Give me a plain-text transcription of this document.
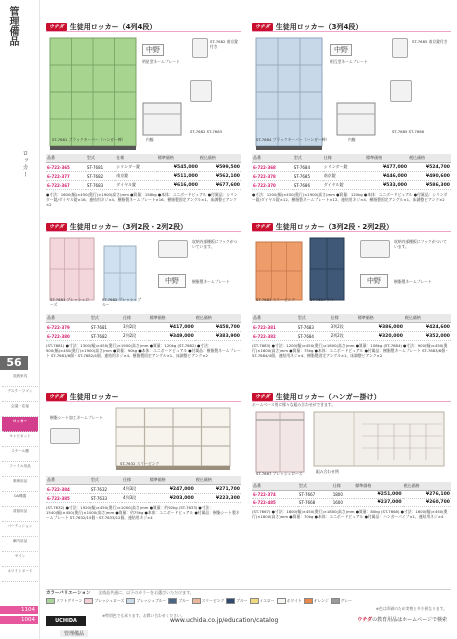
管理備品
ロッカー
56
収納家具
デスク・ワゴン
会議・応接
ロッカー
キャビネット
スチール棚
ファイル用品
事務用品
OA機器
清掃用品
パーティション
庫内用品
サイン
ホワイトボード
1104
1004
ウチダ 生徒用ロッカー（4列4段）
中野
明星型ネームプレート
ST-7682 南京錠付き
ST-7681 ブラックキーパー（ハンガー棒）	内観
ST-7682 ST-7683
品番	型式	仕様	標準価格	税込価格
6-722-365	ST-7681	シリンダー錠	¥545,000	¥599,500
6-722-377	ST-7682	南京錠	¥511,000	¥562,100
6-722-367	ST-7683	ダイヤル錠	¥616,000	¥677,600
●寸法：1600(幅)×450(奥行)×1900(高さ)mm ●質量：158kg ●本体：ユニボードピュアル ●付属品：シリンダー錠/ダイヤル錠×16、連結用ネジ×4、樹脂製ネームプレート×16、樹脂製固定アングル×1、床調整ピアンク×2
ウチダ 生徒用ロッカー（3列4段）
中野
相互型ネームプレート
ST-7685 南京錠付き
ST-7684 ブラックキーパー（ハンガー棒）	内観
ST-7685 ST-7686
品番	型式	仕様	標準価格	税込価格
6-722-368	ST-7684	シリンダー錠	¥477,000	¥524,700
6-722-378	ST-7685	南京錠	¥446,000	¥490,600
6-722-370	ST-7686	ダイヤル錠	¥533,000	¥586,300
●寸法：1200(幅)×450(奥行)×1900(高さ)mm ●質量：120kg ●本体：ユニボードピュアル ●付属品：シリンダー錠/ダイヤル錠×12、樹脂製ネームプレート×12、連結用ネジ×4、樹脂製固定アングル×1、床調整ピアンク×2
ウチダ 生徒用ロッカー（3列2段・2列2段）
収納内部棚板にフックがついています。
中野	樹脂製ネームプレート
ST-7681 ブレッシュローズ
ST-7682 ブレッシュブルー
品番	型式	仕様	標準価格	税込価格
6-722-379	ST-7681	3列2段	¥417,000	¥458,700
6-722-380	ST-7682	2列2段	¥349,000	¥383,900
(ST-7681) ●寸法：1300(幅)×450(奥行)×1900(高さ)mm ●質量：120kg (ST-7682) ●寸法：900(幅)×450(奥行)×1900(高さ)mm ●質量：90kg ●本体：ユニボードピュアル ●付属品：樹脂製ネームプレート ST-7681/6個・ST-7682/4個、連結用ネジ×4、樹脂製固定アングル×1、床調整ピアンク×2
ウチダ 生徒用ロッカー（3列2段・2列2段）
収納内部棚板にフックがついています。
中野	樹脂製ネームプレート
ST-7683 スリーピンク	ST-7684 ブルー
品番	型式	仕様	標準価格	税込価格
6-722-381	ST-7683	3列2段	¥386,000	¥424,600
6-722-382	ST-7684	2列2段	¥320,000	¥352,000
(ST-7683) ●寸法：1200(幅)×450(奥行)×1600(高さ)mm ●質量：108kg (ST-7684) ●寸法：900(幅)×450(奥行)×1600(高さ)mm ●質量：75kg ●本体：ユニボードピュアル ●付属品：樹脂製ネームプレート ST-7683/6個・ST-7684/4個、連結用ネジ×4、樹脂製固定アングル×1、床調整ピアンク×2
ウチダ 生徒用ロッカー
樹脂シート加工ネームプレート
ST-7632 スリーピンク
品番	型式	仕様	標準価格	税込価格
6-722-384	ST-7632	4列3段	¥247,000	¥271,700
6-722-385	ST-7633	4列3段	¥203,000	¥223,300
(ST-7632) ●寸法：1920(幅)×450(奥行)×1000(高さ)mm ●質量：約92kg (ST-7633) ●寸法：1540(幅)×450(奥行)×1000(高さ)mm ●質量：約75kg ●本体：ユニボードピュアル ●付属品：樹脂シート製ネームプレート ST-7632/15個・ST-7633/12個、連結用ネジ×4
ウチダ 生徒用ロッカー（ハンガー掛け）
ホームベース用に様々な組み合わせができます。
ST-7667 ブレッシュローズ	組み合わせ例
品番	型式	仕様	標準価格	税込価格
6-722-374	ST-7667	1800	¥251,000	¥276,100
6-722-485	ST-7668	1600	¥237,000	¥260,700
(ST-7667) ●寸法：1800(幅)×450(奥行)×1800(高さ)mm ●質量：80kg (ST-7668) ●寸法：1600(幅)×450(奥行)×1800(高さ)mm ●質量：70kg ●本体：ユニボードピュアル ●付属品：ハンガーパイプ×1、連結用ネジ×4
カラーバリエーション 全商品共通に、以下のカラーをお選びいただけます。
ソフトグリーン	ブレッシュローズ	ブレッシュブルー	ブルー	スリーピンク	ブルー	イエロー	ホワイト	オレンジ	グレー
※色は印刷のため実物と多少異なります。
UCHIDA
※特別色でも承ります。お問い合わせください。
www.uchida.co.jp/education/catalog	ウチダの教育用品はホームページで検索
管理備品
